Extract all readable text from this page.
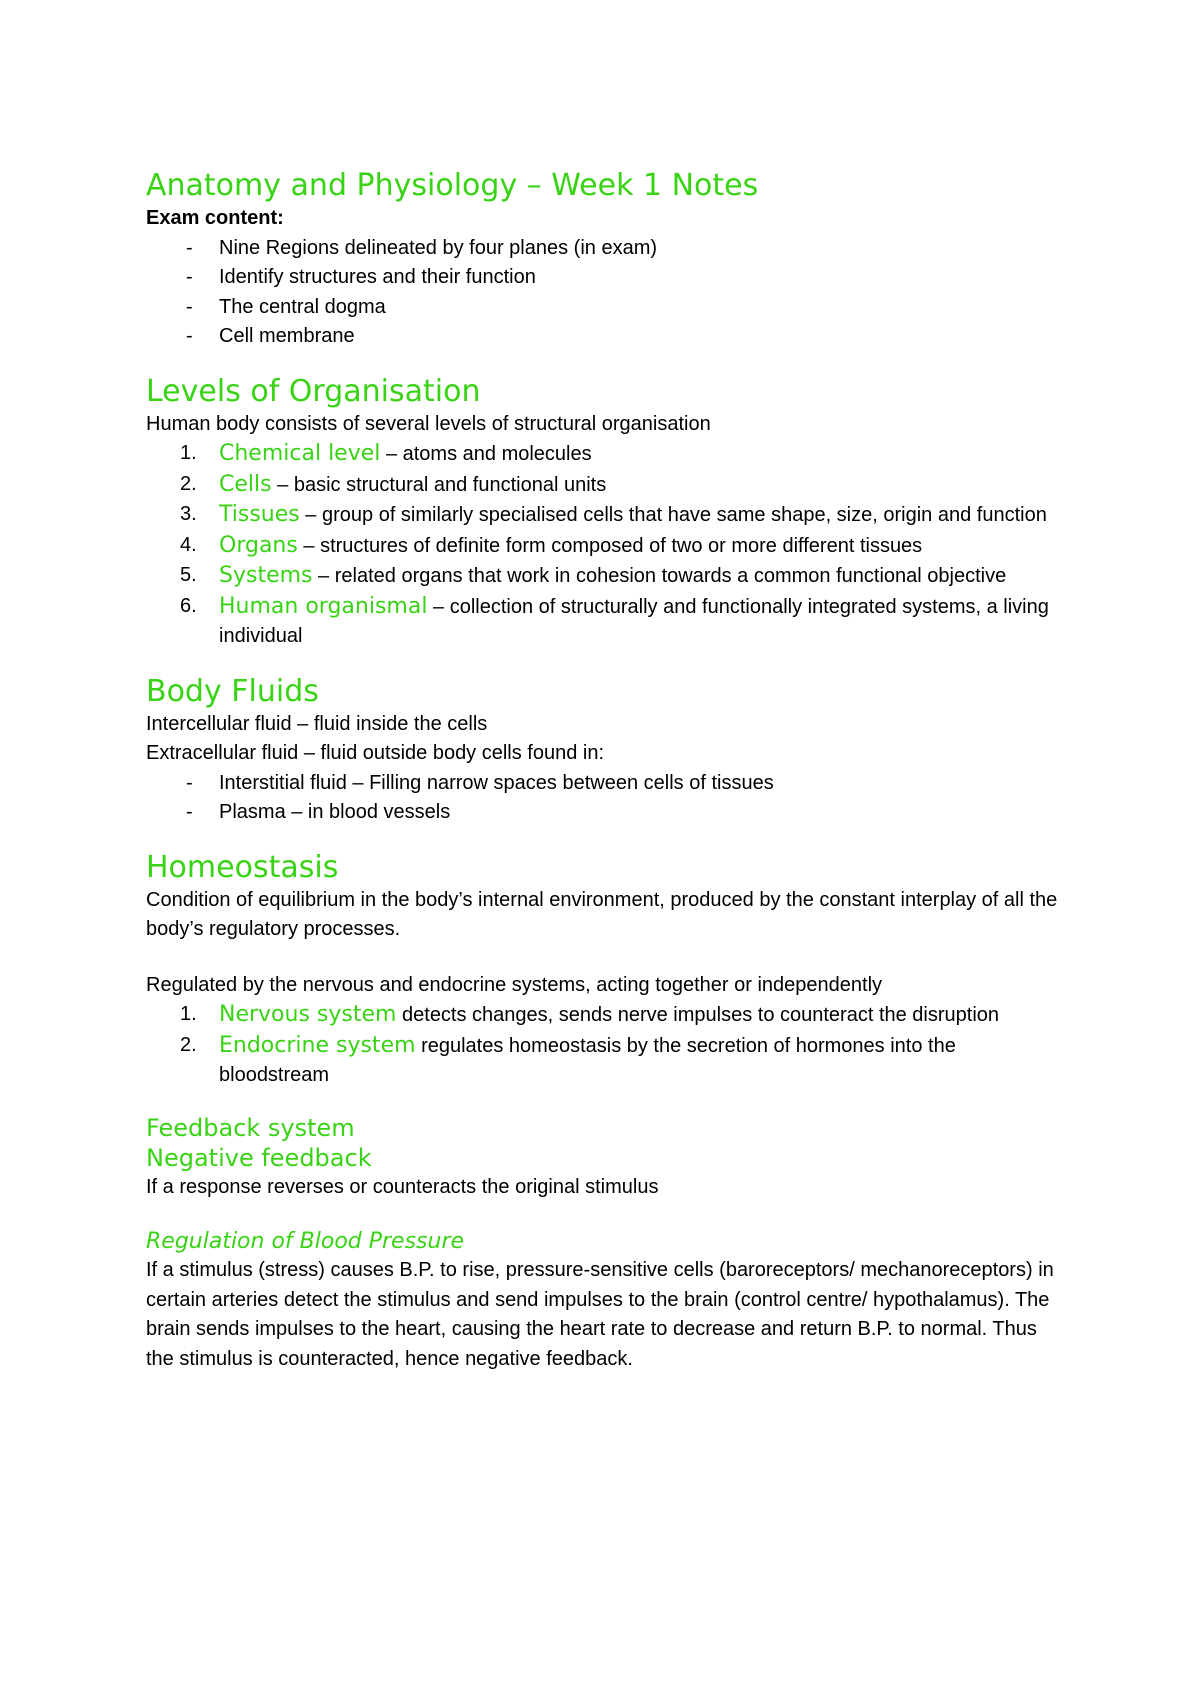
Anatomy and Physiology – Week 1 Notes

Exam content:

- Nine Regions delineated by four planes (in exam)
- Identify structures and their function
- The central dogma
- Cell membrane
Levels of Organisation

Human body consists of several levels of structural organisation

1. Chemical level – atoms and molecules
2. Cells – basic structural and functional units
3. Tissues – group of similarly specialised cells that have same shape, size, origin and function
4. Organs – structures of definite form composed of two or more different tissues
5. Systems – related organs that work in cohesion towards a common functional objective
6. Human organismal – collection of structurally and functionally integrated systems, a living individual
Body Fluids

Intercellular fluid – fluid inside the cells

Extracellular fluid – fluid outside body cells found in:

- Interstitial fluid – Filling narrow spaces between cells of tissues
- Plasma – in blood vessels
Homeostasis

Condition of equilibrium in the body’s internal environment, produced by the constant interplay of all the body’s regulatory processes.

Regulated by the nervous and endocrine systems, acting together or independently

1. Nervous system detects changes, sends nerve impulses to counteract the disruption
2. Endocrine system regulates homeostasis by the secretion of hormones into the bloodstream
Feedback system
Negative feedback

If a response reverses or counteracts the original stimulus

Regulation of Blood Pressure

If a stimulus (stress) causes B.P. to rise, pressure-sensitive cells (baroreceptors/ mechanoreceptors) in certain arteries detect the stimulus and send impulses to the brain (control centre/ hypothalamus). The brain sends impulses to the heart, causing the heart rate to decrease and return B.P. to normal. Thus the stimulus is counteracted, hence negative feedback.
